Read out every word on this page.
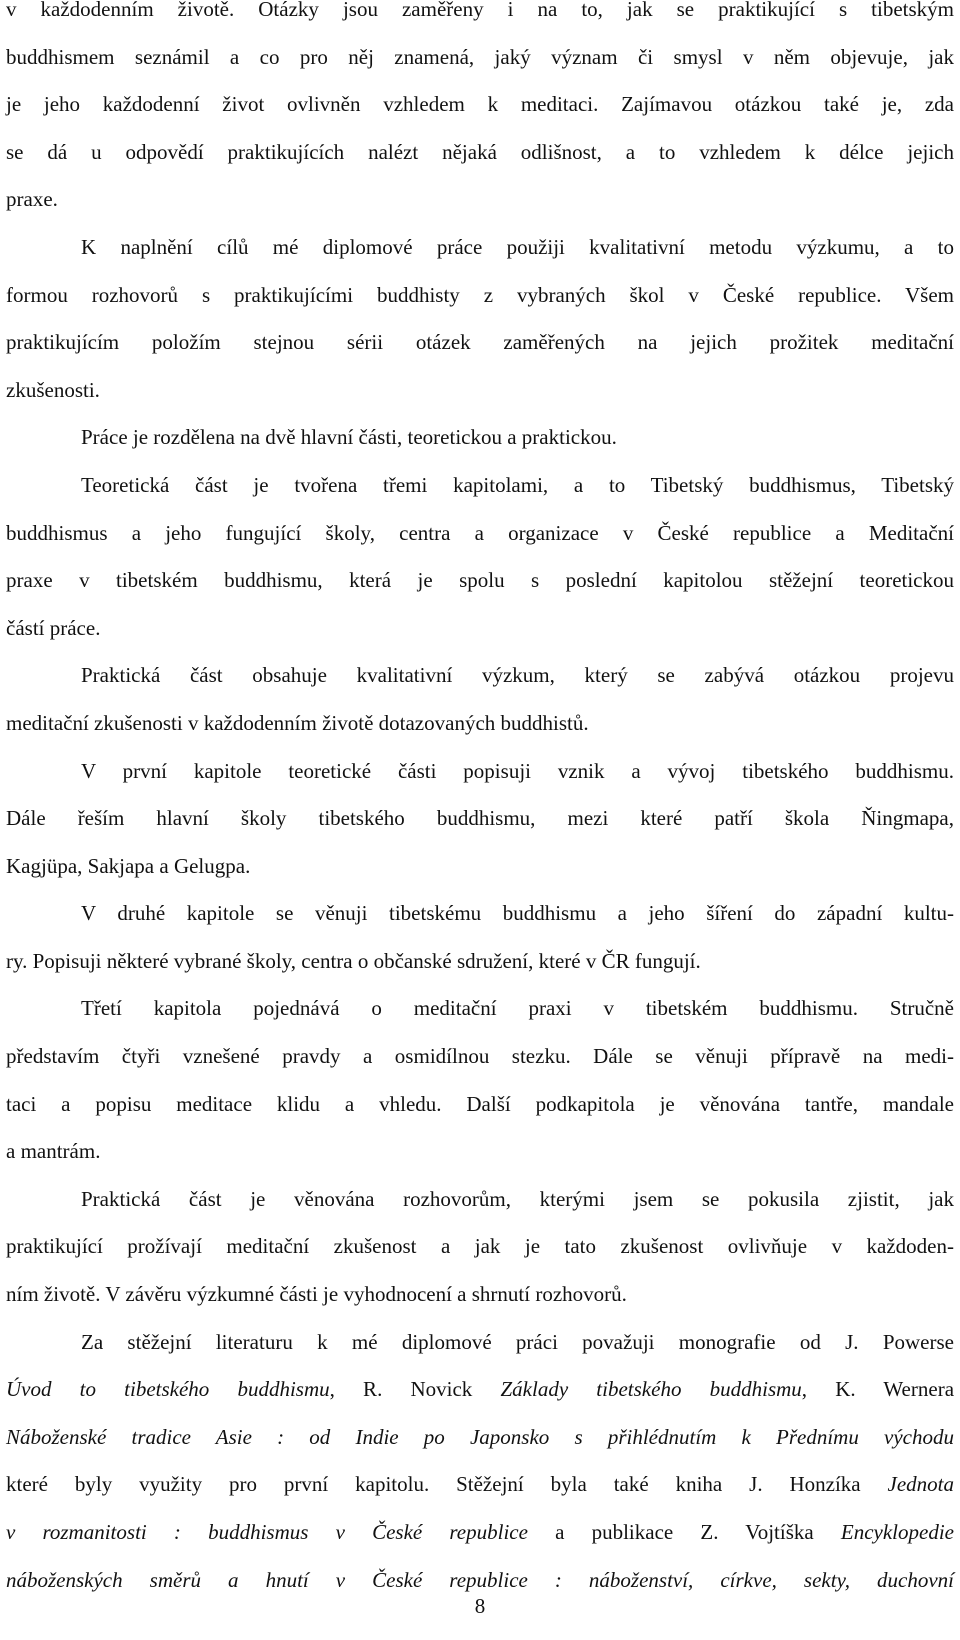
v každodenním životě. Otázky jsou zaměřeny i na to, jak se praktikující s tibetským
buddhismem seznámil a co pro něj znamená, jaký význam či smysl v něm objevuje, jak
je jeho každodenní život ovlivněn vzhledem k meditaci. Zajímavou otázkou také je, zda
se dá u odpovědí praktikujících nalézt nějaká odlišnost, a to vzhledem k délce jejich
praxe.
K naplnění cílů mé diplomové práce použiji kvalitativní metodu výzkumu, a to
formou rozhovorů s praktikujícími buddhisty z vybraných škol v České republice. Všem
praktikujícím položím stejnou sérii otázek zaměřených na jejich prožitek meditační
zkušenosti.
Práce je rozdělena na dvě hlavní části, teoretickou a praktickou.
Teoretická část je tvořena třemi kapitolami, a to Tibetský buddhismus, Tibetský
buddhismus a jeho fungující školy, centra a organizace v České republice a Meditační
praxe v tibetském buddhismu, která je spolu s poslední kapitolou stěžejní teoretickou
částí práce.
Praktická část obsahuje kvalitativní výzkum, který se zabývá otázkou projevu
meditační zkušenosti v každodenním životě dotazovaných buddhistů.
V první kapitole teoretické části popisuji vznik a vývoj tibetského buddhismu.
Dále řeším hlavní školy tibetského buddhismu, mezi které patří škola Ňingmapa,
Kagjüpa, Sakjapa a Gelugpa.
V druhé kapitole se věnuji tibetskému buddhismu a jeho šíření do západní kultu-
ry. Popisuji některé vybrané školy, centra o občanské sdružení, které v ČR fungují.
Třetí kapitola pojednává o meditační praxi v tibetském buddhismu. Stručně
představím čtyři vznešené pravdy a osmidílnou stezku. Dále se věnuji přípravě na medi-
taci a popisu meditace klidu a vhledu. Další podkapitola je věnována tantře, mandale
a mantrám.
Praktická část je věnována rozhovorům, kterými jsem se pokusila zjistit, jak
praktikující prožívají meditační zkušenost a jak je tato zkušenost ovlivňuje v každoden-
ním životě. V závěru výzkumné části je vyhodnocení a shrnutí rozhovorů.
Za stěžejní literaturu k mé diplomové práci považuji monografie od J. Powerse
Úvod to tibetského buddhismu, R. Novick Základy tibetského buddhismu, K. Wernera
Náboženské tradice Asie : od Indie po Japonsko s přihlédnutím k Přednímu východu
které byly využity pro první kapitolu. Stěžejní byla také kniha J. Honzíka Jednota
v rozmanitosti : buddhismus v České republice a publikace Z. Vojtíška Encyklopedie
náboženských směrů a hnutí v České republice : náboženství, církve, sekty, duchovní
8
